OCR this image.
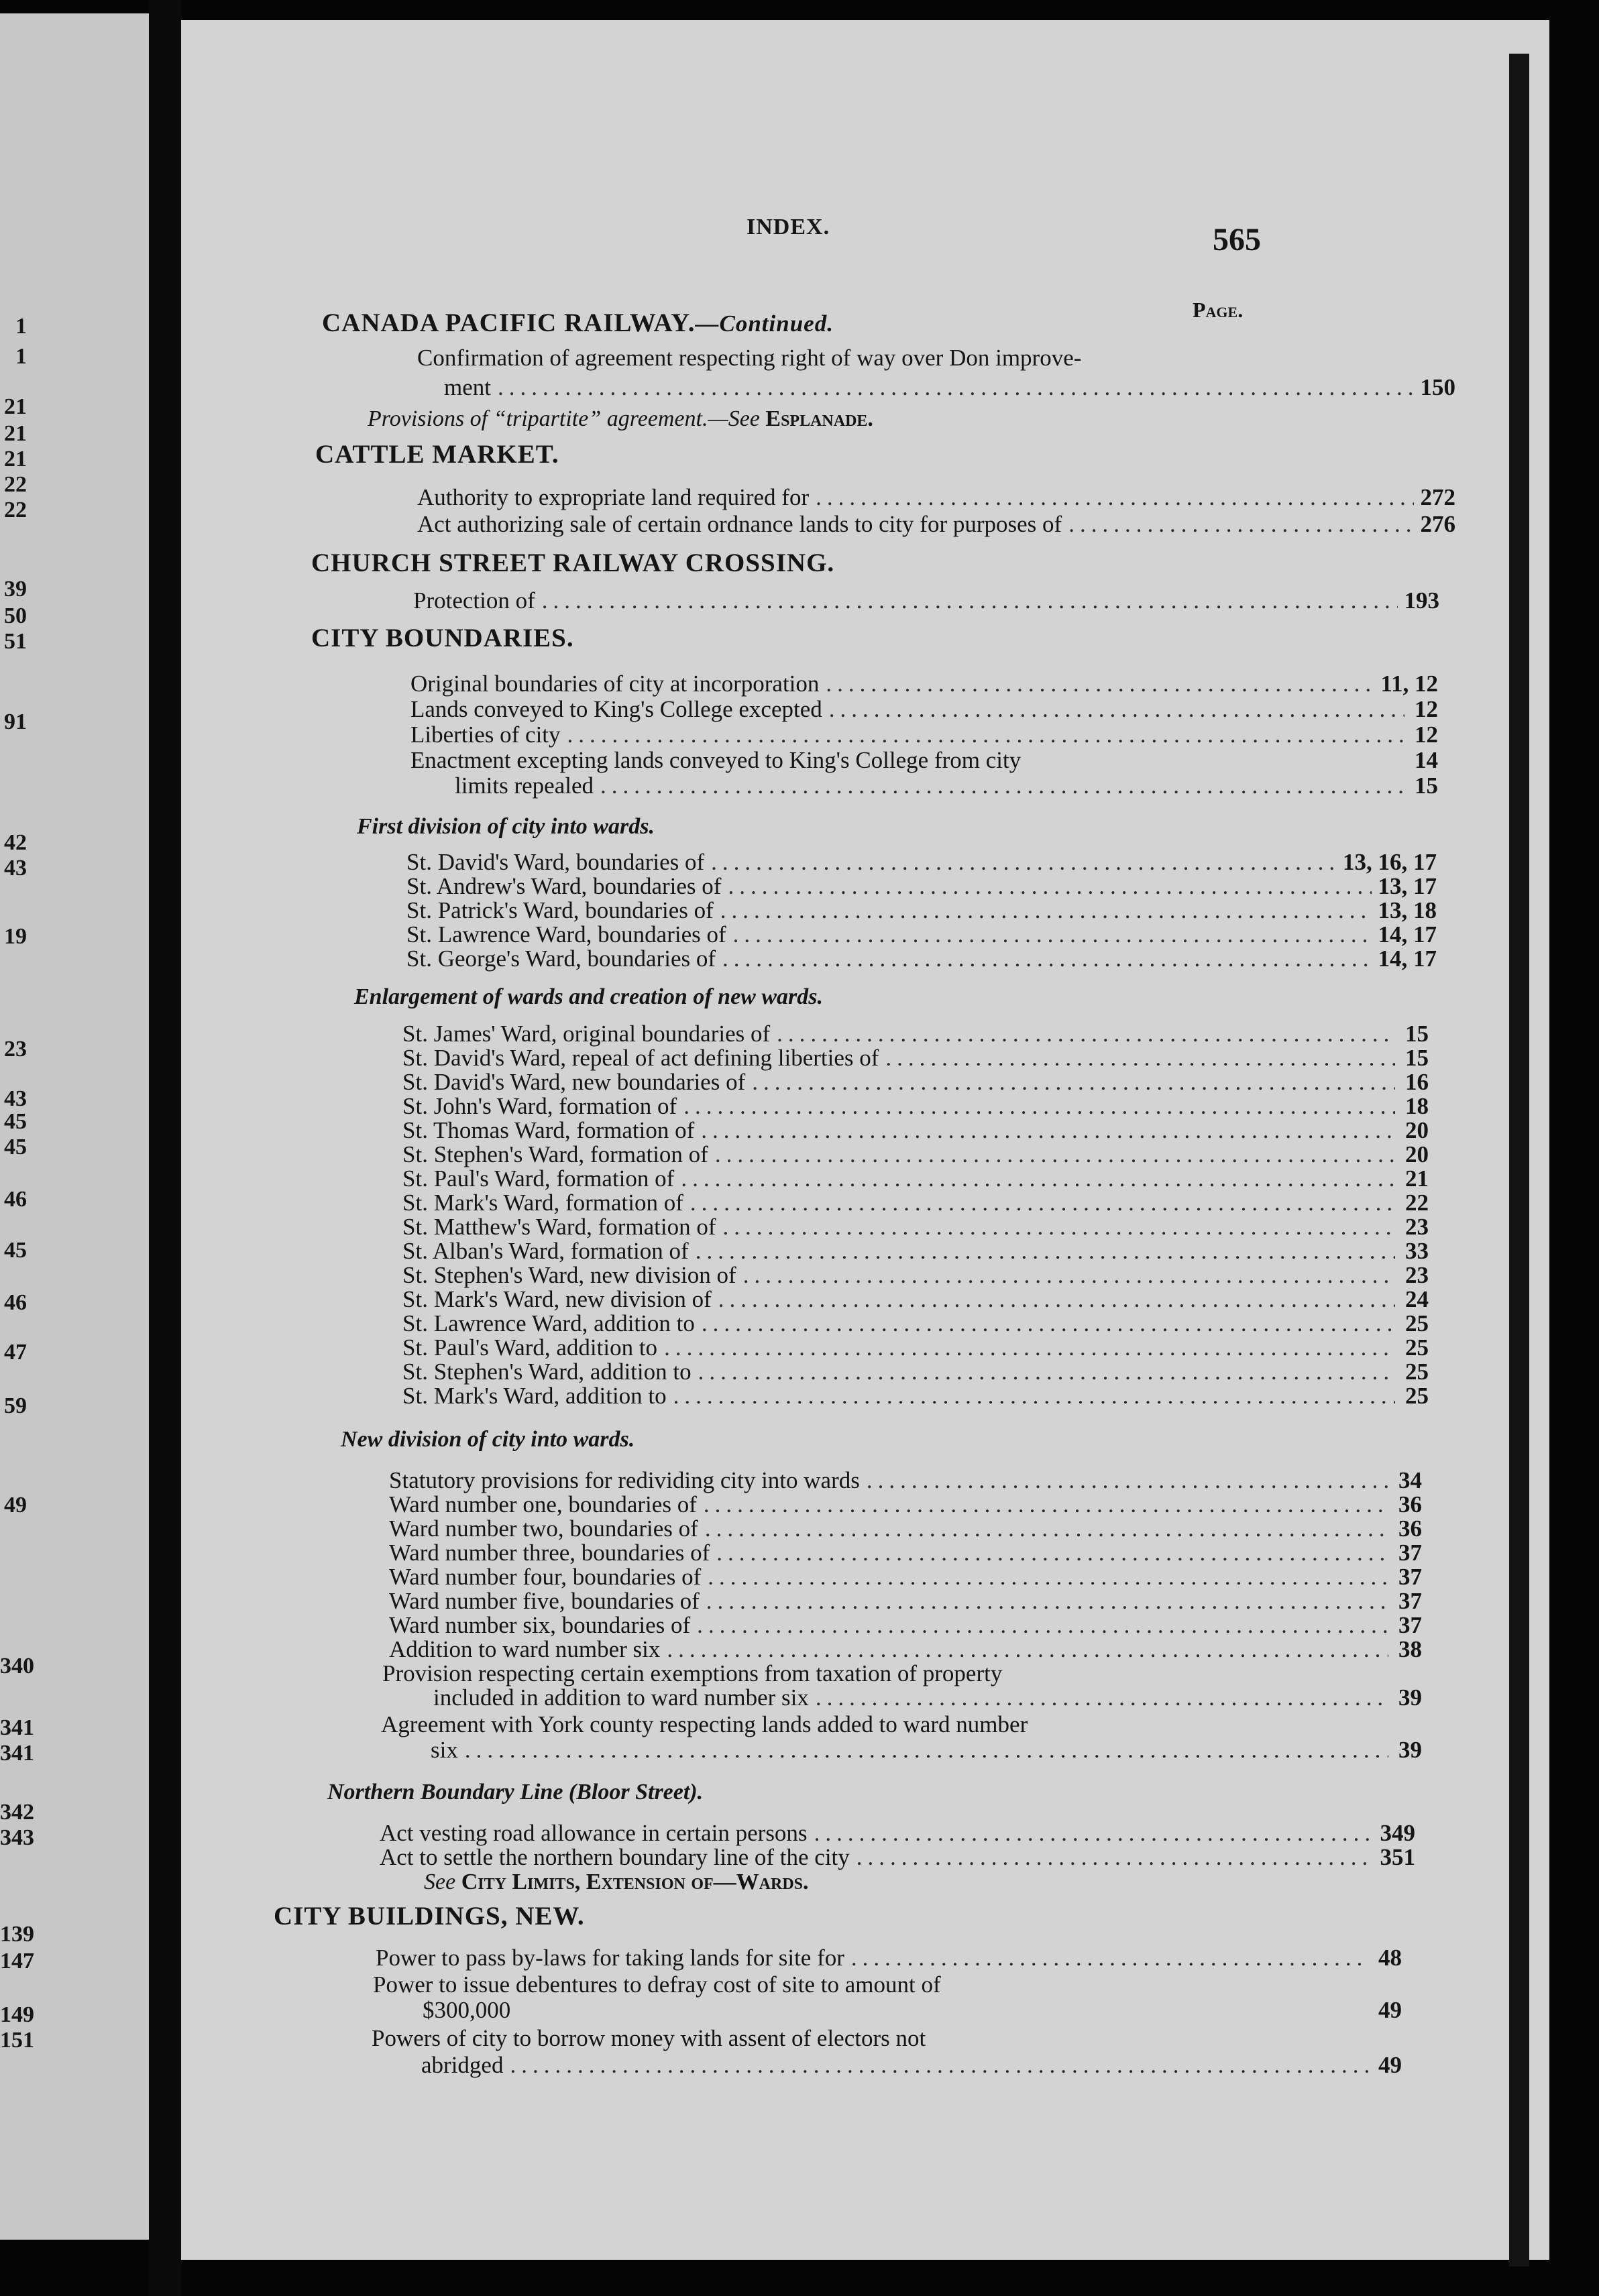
1
1
21
21
21
22
22
39
50
51
91
42
43
19
23
43
45
45
46
45
46
47
59
49
340
341
341
342
343
139
147
149
151
INDEX.	565
Page.
CANADA PACIFIC RAILWAY.—Continued.
Confirmation of agreement respecting right of way over Don improve-
ment .....	150
Provisions of “tripartite” agreement.—See Esplanade.
CATTLE MARKET.
Authority to expropriate land required for .....	272
Act authorizing sale of certain ordnance lands to city for purposes of .....	276
CHURCH STREET RAILWAY CROSSING.
Protection of .....	193
CITY BOUNDARIES.
Original boundaries of city at incorporation .....	11, 12
Lands conveyed to King's College excepted .....	12
Liberties of city .....	12
Enactment excepting lands conveyed to King's College from city	14
limits repealed .....	15
First division of city into wards.
St. David's Ward, boundaries of .....	13, 16, 17
St. Andrew's Ward, boundaries of .....	13, 17
St. Patrick's Ward, boundaries of .....	13, 18
St. Lawrence Ward, boundaries of .....	14, 17
St. George's Ward, boundaries of .....	14, 17
Enlargement of wards and creation of new wards.
St. James' Ward, original boundaries of .....	15
St. David's Ward, repeal of act defining liberties of .....	15
St. David's Ward, new boundaries of .....	16
St. John's Ward, formation of .....	18
St. Thomas Ward, formation of .....	20
St. Stephen's Ward, formation of .....	20
St. Paul's Ward, formation of .....	21
St. Mark's Ward, formation of .....	22
St. Matthew's Ward, formation of .....	23
St. Alban's Ward, formation of .....	33
St. Stephen's Ward, new division of .....	23
St. Mark's Ward, new division of .....	24
St. Lawrence Ward, addition to .....	25
St. Paul's Ward, addition to .....	25
St. Stephen's Ward, addition to .....	25
St. Mark's Ward, addition to .....	25
New division of city into wards.
Statutory provisions for redividing city into wards .....	34
Ward number one, boundaries of .....	36
Ward number two, boundaries of .....	36
Ward number three, boundaries of .....	37
Ward number four, boundaries of .....	37
Ward number five, boundaries of .....	37
Ward number six, boundaries of .....	37
Addition to ward number six .....	38
Provision respecting certain exemptions from taxation of property
included in addition to ward number six .....	39
Agreement with York county respecting lands added to ward number
six .....	39
Northern Boundary Line (Bloor Street).
Act vesting road allowance in certain persons .....	349
Act to settle the northern boundary line of the city .....	351
See City Limits, Extension of—Wards.
CITY BUILDINGS, NEW.
Power to pass by-laws for taking lands for site for .....	48
Power to issue debentures to defray cost of site to amount of
$300,000	49
Powers of city to borrow money with assent of electors not
abridged .....	49
